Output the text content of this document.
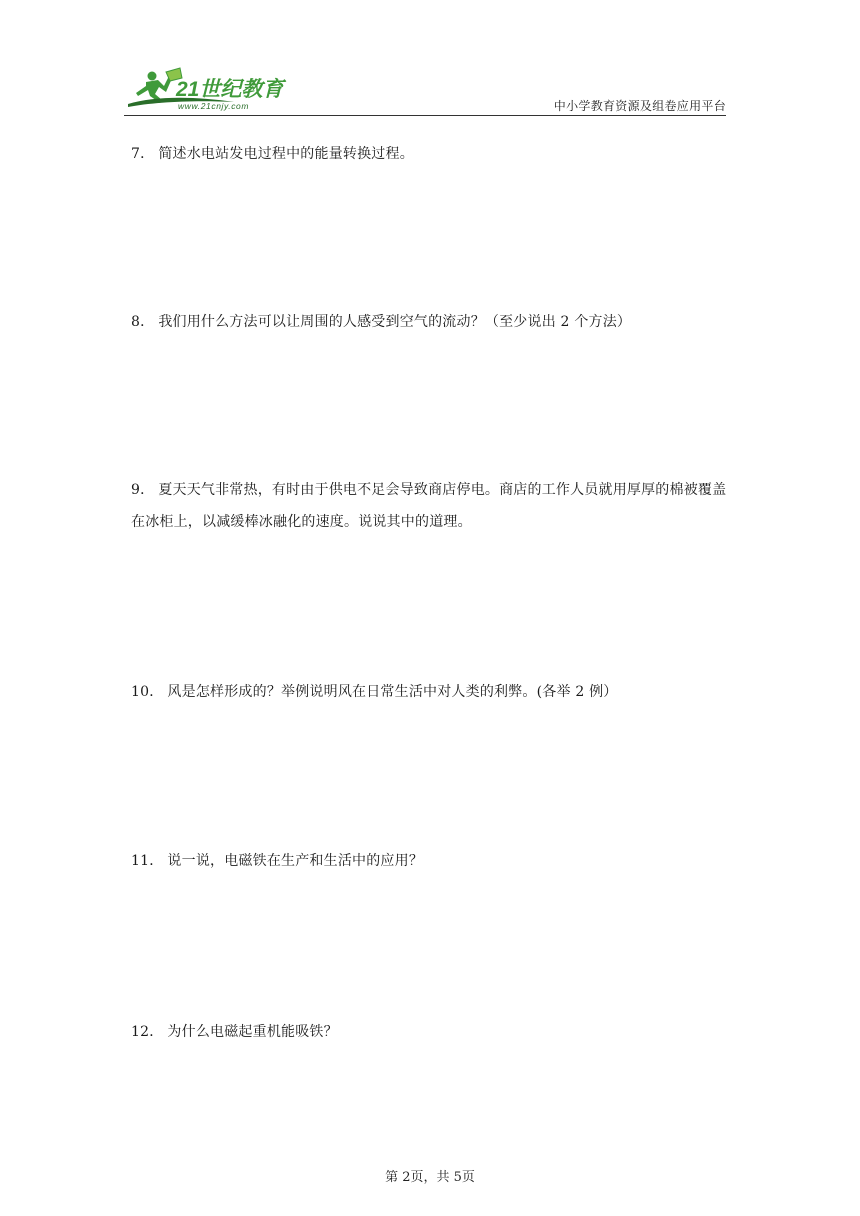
21世纪教育
www.21cnjy.com	中小学教育资源及组卷应用平台
7． 简述水电站发电过程中的能量转换过程。
8． 我们用什么方法可以让周围的人感受到空气的流动？（至少说出 2 个方法）
9． 夏天天气非常热，有时由于供电不足会导致商店停电。商店的工作人员就用厚厚的棉被覆盖在冰柜上，以减缓棒冰融化的速度。说说其中的道理。
10． 风是怎样形成的？举例说明风在日常生活中对人类的利弊。(各举 2 例）
11． 说一说，电磁铁在生产和生活中的应用？
12． 为什么电磁起重机能吸铁？
第 2页，共 5页
